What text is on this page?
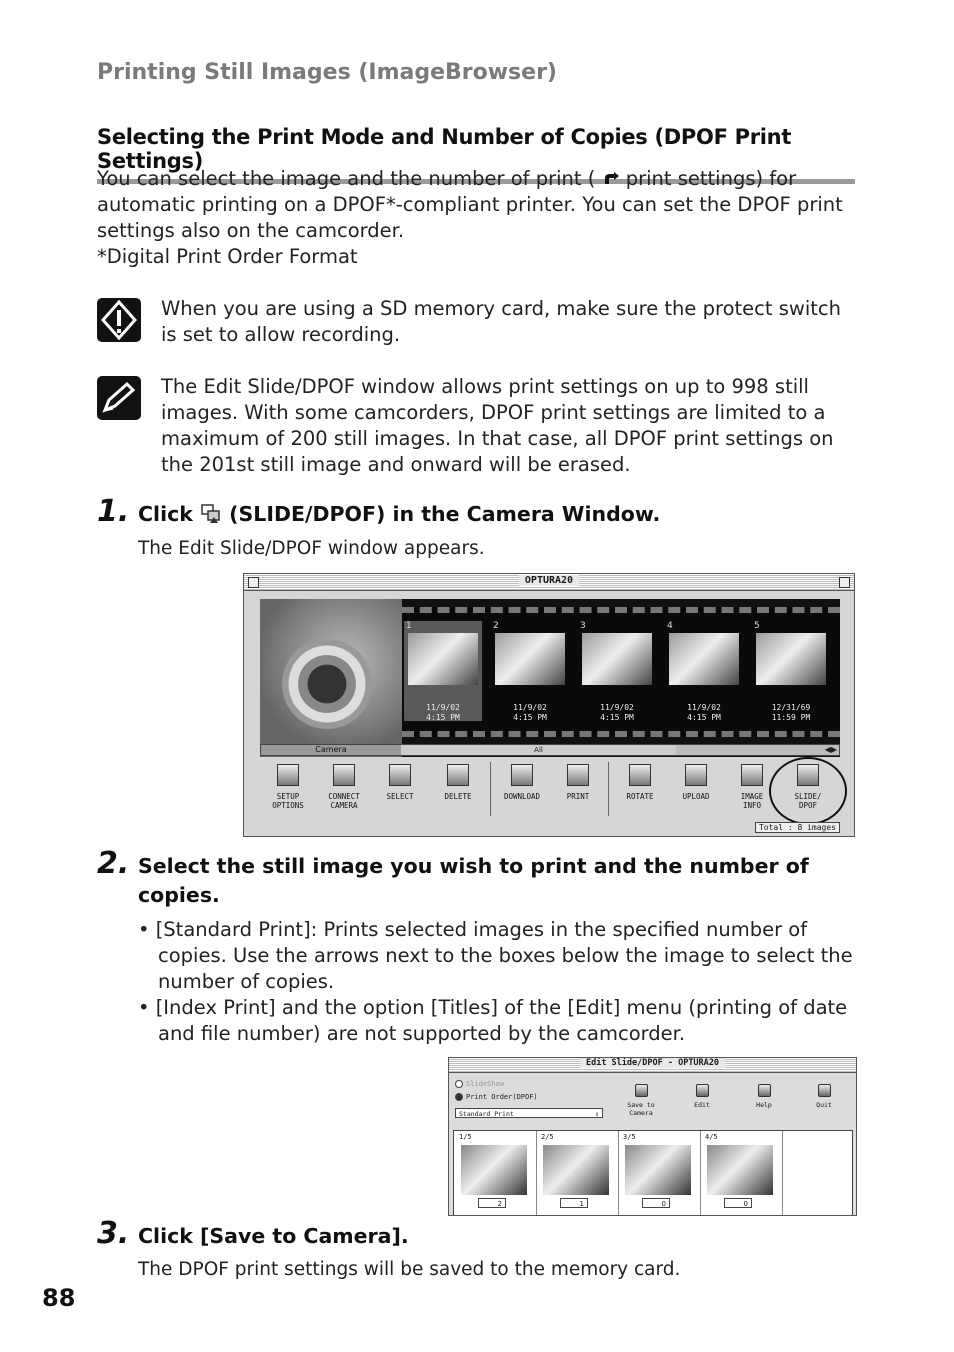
Printing Still Images (ImageBrowser)
Selecting the Print Mode and Number of Copies (DPOF Print Settings)
You can select the image and the number of print (  print settings) for
automatic printing on a DPOF*-compliant printer. You can set the DPOF print
settings also on the camcorder.
*Digital Print Order Format
When you are using a SD memory card, make sure the protect switch is set to allow recording.
The Edit Slide/DPOF window allows print settings on up to 998 still images. With some camcorders, DPOF print settings are limited to a maximum of 200 still images. In that case, all DPOF print settings on the 201st still image and onward will be erased.
1. Click  (SLIDE/DPOF) in the Camera Window.
The Edit Slide/DPOF window appears.
OPTURA20
1
11/9/02
4:15 PM
2
11/9/02
4:15 PM
3
11/9/02
4:15 PM
4
11/9/02
4:15 PM
5
12/31/69
11:59 PM
Camera	All	◀▶
SETUP
OPTIONS
CONNECT
CAMERA
SELECT	DELETE	DOWNLOAD	PRINT	ROTATE	UPLOAD	IMAGE
INFO
SLIDE/
DPOF
Total : 8 images
2. Select the still image you wish to print and the number of copies.
• [Standard Print]: Prints selected images in the specified number of copies. Use the arrows next to the boxes below the image to select the number of copies.
• [Index Print] and the option [Titles] of the [Edit] menu (printing of date and file number) are not supported by the camcorder.
Edit Slide/DPOF - OPTURA20
SlideShow
Print Order(DPOF)
Standard Print	⇕
Save to Camera
Edit	Help	Quit
1/5
2
2/5
1
3/5
0
4/5
0
3. Click [Save to Camera].
The DPOF print settings will be saved to the memory card.
88
